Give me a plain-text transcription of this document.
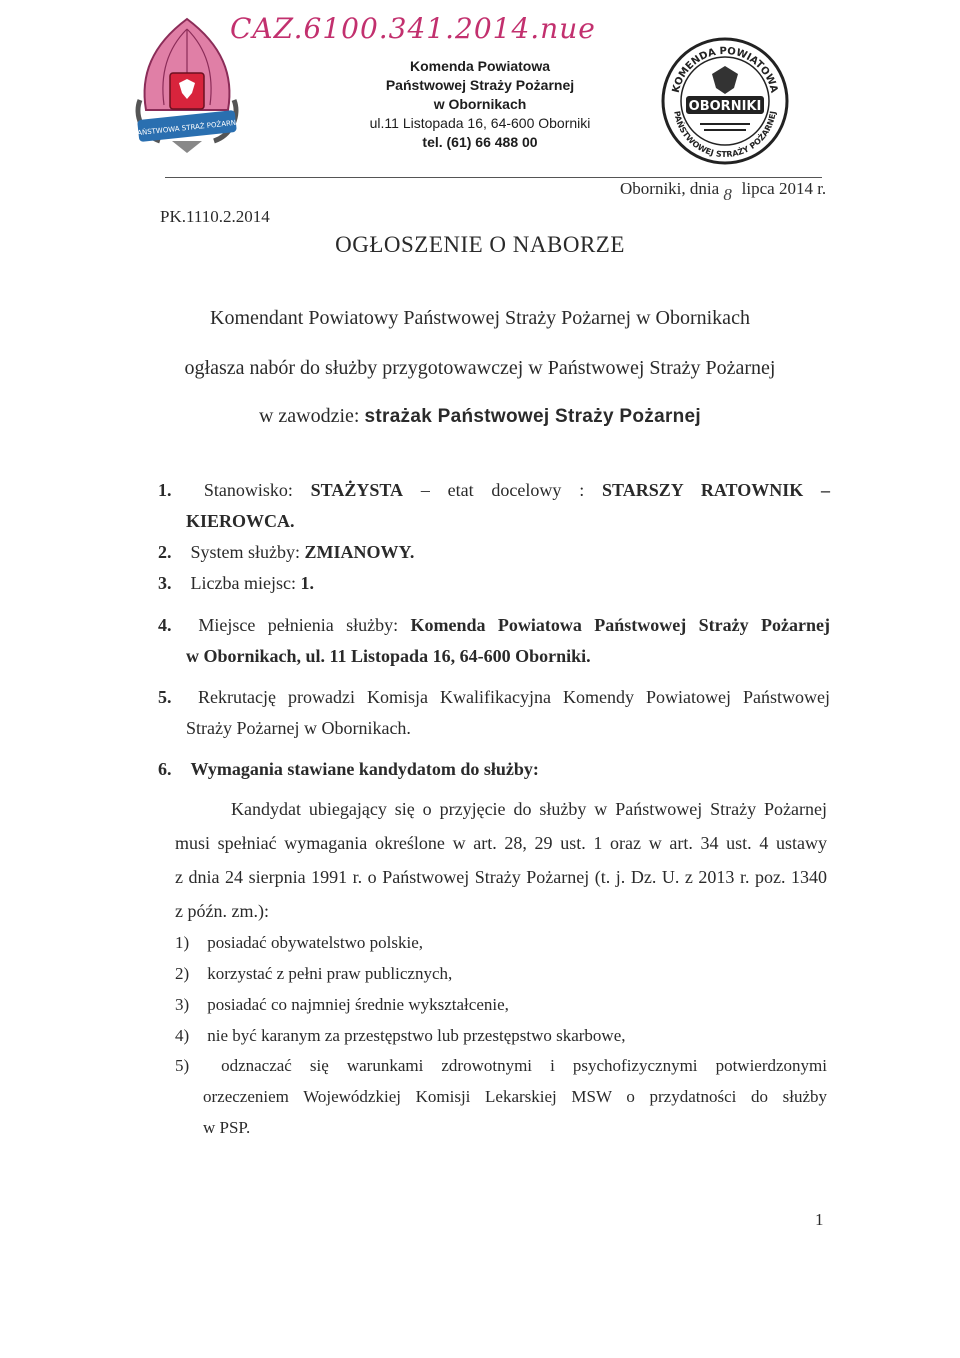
CAZ.6100.341.2014.nue
PAŃSTWOWA STRAŻ POŻARNA
Komenda Powiatowa
Państwowej Straży Pożarnej
w Obornikach
ul.11 Listopada 16, 64-600 Oborniki
tel. (61) 66 488 00
KOMENDA POWIATOWA
PAŃSTWOWEJ STRAŻY POŻARNEJ
OBORNIKI
Oborniki, dnia 8 lipca 2014 r.
PK.1110.2.2014
OGŁOSZENIE O NABORZE
Komendant Powiatowy Państwowej Straży Pożarnej w Obornikach
ogłasza nabór do służby przygotowawczej w Państwowej Straży Pożarnej
w zawodzie: strażak Państwowej Straży Pożarnej
1. Stanowisko: STAŻYSTA – etat docelowy : STARSZY RATOWNIK –
KIEROWCA.
2. System służby: ZMIANOWY.
3. Liczba miejsc: 1.
4. Miejsce pełnienia służby: Komenda Powiatowa Państwowej Straży Pożarnej
w Obornikach, ul. 11 Listopada 16, 64-600 Oborniki.
5. Rekrutację prowadzi Komisja Kwalifikacyjna Komendy Powiatowej Państwowej
Straży Pożarnej w Obornikach.
6. Wymagania stawiane kandydatom do służby:
Kandydat ubiegający się o przyjęcie do służby w Państwowej Straży Pożarnej
musi spełniać wymagania określone w art. 28, 29 ust. 1 oraz w art. 34 ust. 4 ustawy
z dnia 24 sierpnia 1991 r. o Państwowej Straży Pożarnej (t. j. Dz. U. z 2013 r. poz. 1340
z późn. zm.):
1) posiadać obywatelstwo polskie,
2) korzystać z pełni praw publicznych,
3) posiadać co najmniej średnie wykształcenie,
4) nie być karanym za przestępstwo lub przestępstwo skarbowe,
5) odznaczać się warunkami zdrowotnymi i psychofizycznymi potwierdzonymi
orzeczeniem Wojewódzkiej Komisji Lekarskiej MSW o przydatności do służby
w PSP.
1
